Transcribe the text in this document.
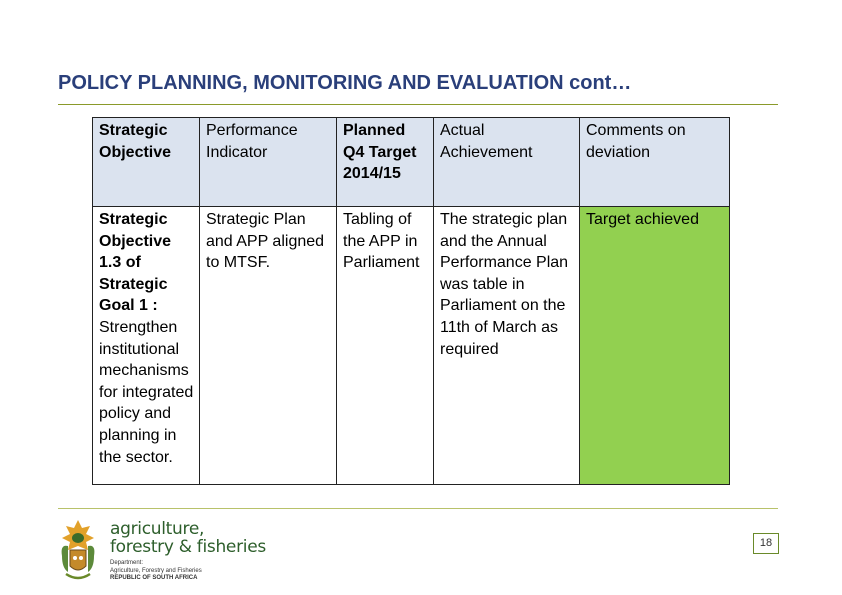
POLICY PLANNING, MONITORING AND EVALUATION cont…
Strategic Objective	Performance Indicator	Planned Q4 Target 2014/15	Actual Achievement	Comments on deviation
Strategic Objective 1.3 of Strategic Goal 1 : Strengthen institutional mechanisms for integrated policy and planning in the sector.	Strategic Plan and APP aligned to MTSF.	Tabling of the APP in Parliament	The strategic plan and the Annual Performance Plan was table in Parliament on the 11th of March as required	Target achieved
agriculture,
forestry & fisheries
Department:
Agriculture, Forestry and Fisheries
REPUBLIC OF SOUTH AFRICA
18
